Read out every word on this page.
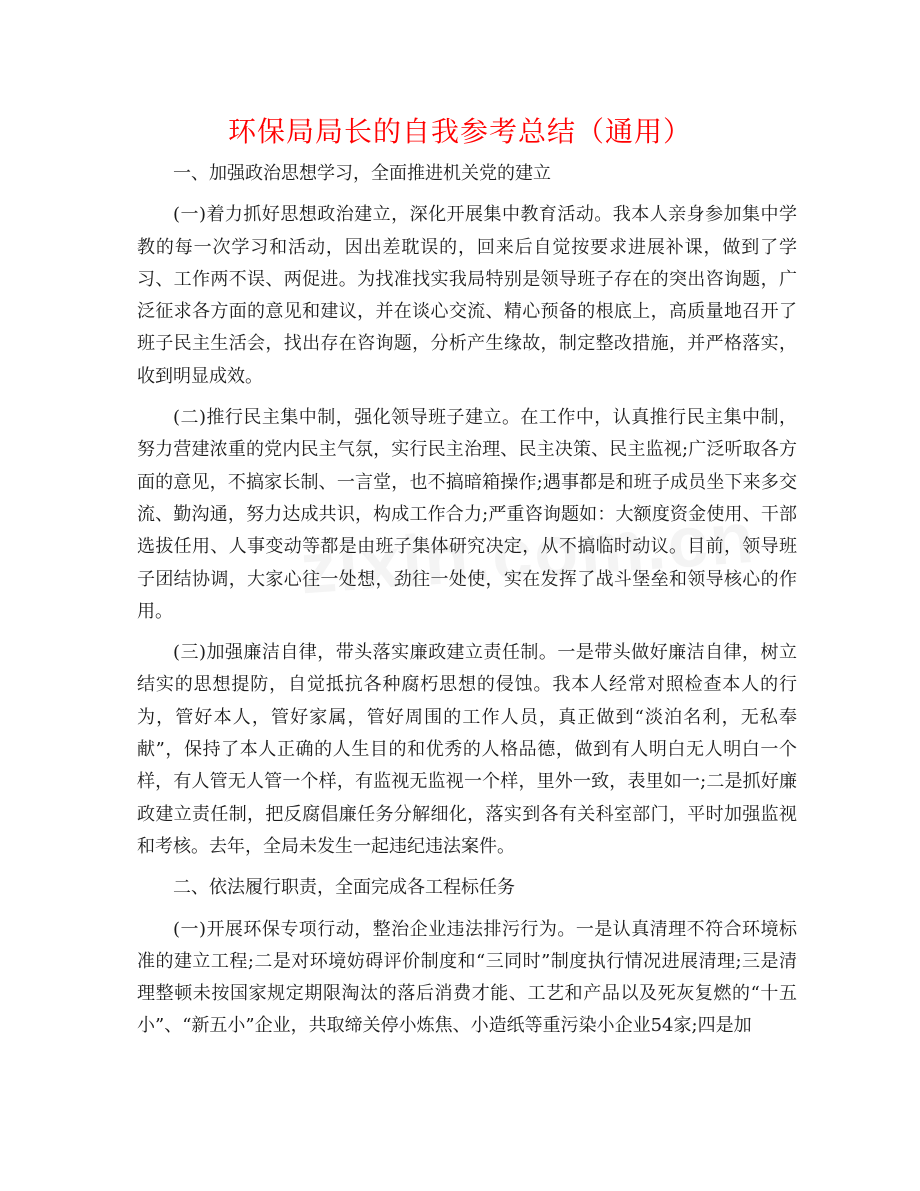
环保局局长的自我参考总结（通用）

一、加强政治思想学习，全面推进机关党的建立

(一)着力抓好思想政治建立，深化开展集中教育活动。我本人亲身参加集中学教的每一次学习和活动，因出差耽误的，回来后自觉按要求进展补课，做到了学习、工作两不误、两促进。为找准找实我局特别是领导班子存在的突出咨询题，广泛征求各方面的意见和建议，并在谈心交流、精心预备的根底上，高质量地召开了班子民主生活会，找出存在咨询题，分析产生缘故，制定整改措施，并严格落实，收到明显成效。

(二)推行民主集中制，强化领导班子建立。在工作中，认真推行民主集中制，努力营建浓重的党内民主气氛，实行民主治理、民主决策、民主监视;广泛听取各方面的意见，不搞家长制、一言堂，也不搞暗箱操作;遇事都是和班子成员坐下来多交流、勤沟通，努力达成共识，构成工作合力;严重咨询题如：大额度资金使用、干部选拔任用、人事变动等都是由班子集体研究决定，从不搞临时动议。目前，领导班子团结协调，大家心往一处想，劲往一处使，实在发挥了战斗堡垒和领导核心的作用。

(三)加强廉洁自律，带头落实廉政建立责任制。一是带头做好廉洁自律，树立结实的思想提防，自觉抵抗各种腐朽思想的侵蚀。我本人经常对照检查本人的行为，管好本人，管好家属，管好周围的工作人员，真正做到“淡泊名利，无私奉献”，保持了本人正确的人生目的和优秀的人格品德，做到有人明白无人明白一个样，有人管无人管一个样，有监视无监视一个样，里外一致，表里如一;二是抓好廉政建立责任制，把反腐倡廉任务分解细化，落实到各有关科室部门，平时加强监视和考核。去年，全局未发生一起违纪违法案件。

二、依法履行职责，全面完成各工程标任务

(一)开展环保专项行动，整治企业违法排污行为。一是认真清理不符合环境标准的建立工程;二是对环境妨碍评价制度和“三同时”制度执行情况进展清理;三是清理整顿未按国家规定期限淘汰的落后消费才能、工艺和产品以及死灰复燃的“十五小”、“新五小”企业，共取缔关停小炼焦、小造纸等重污染小企业54家;四是加
